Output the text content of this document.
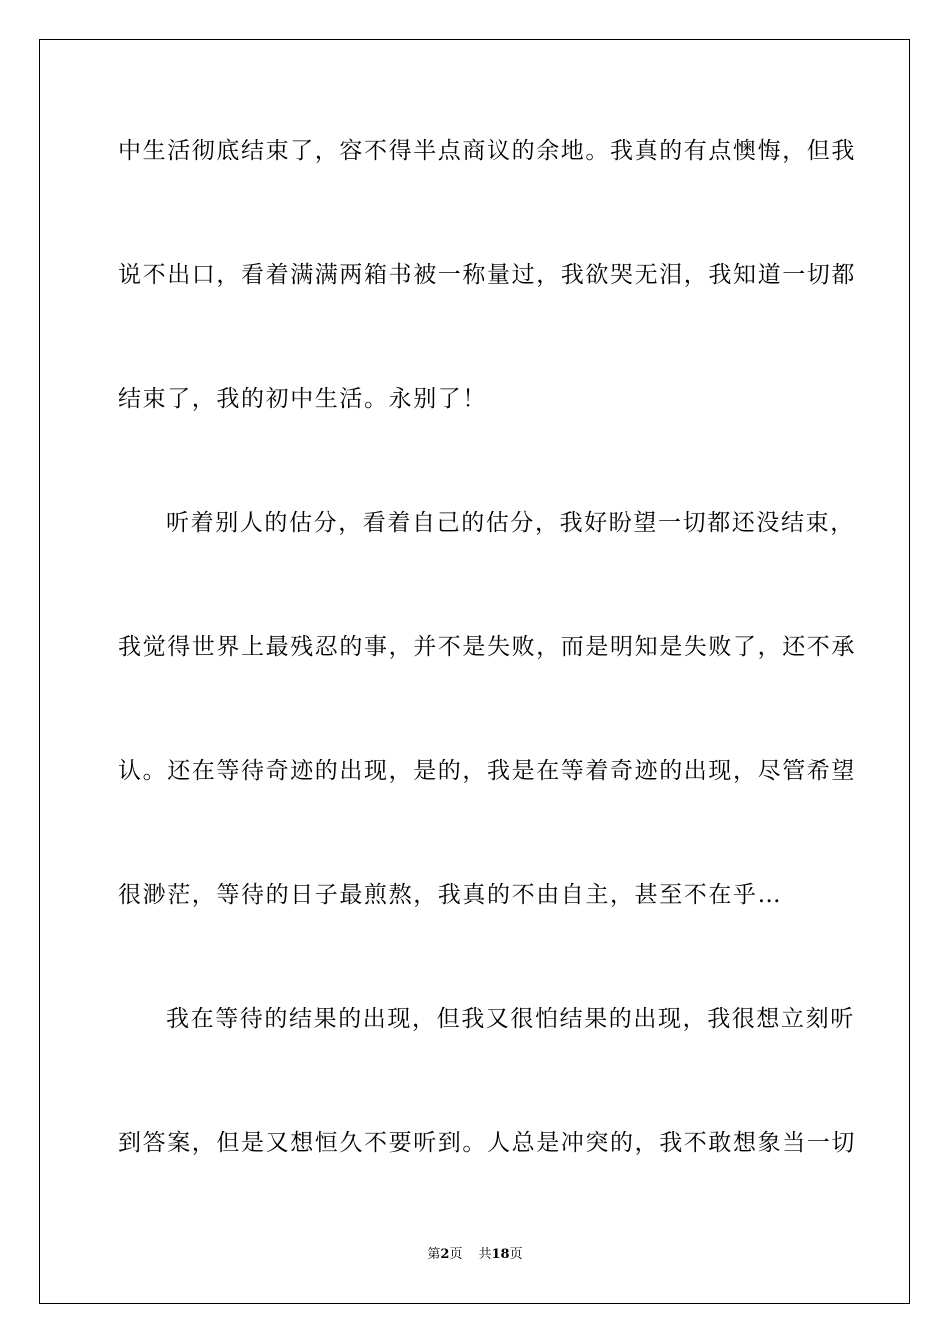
中生活彻底结束了，容不得半点商议的余地。我真的有点懊悔，但我
说不出口，看着满满两箱书被一称量过，我欲哭无泪，我知道一切都
结束了，我的初中生活。永别了！
听着别人的估分，看着自己的估分，我好盼望一切都还没结束，
我觉得世界上最残忍的事，并不是失败，而是明知是失败了，还不承
认。还在等待奇迹的出现，是的，我是在等着奇迹的出现，尽管希望
很渺茫，等待的日子最煎熬，我真的不由自主，甚至不在乎…
我在等待的结果的出现，但我又很怕结果的出现，我很想立刻听
到答案，但是又想恒久不要听到。人总是冲突的，我不敢想象当一切
第2页 共18页
